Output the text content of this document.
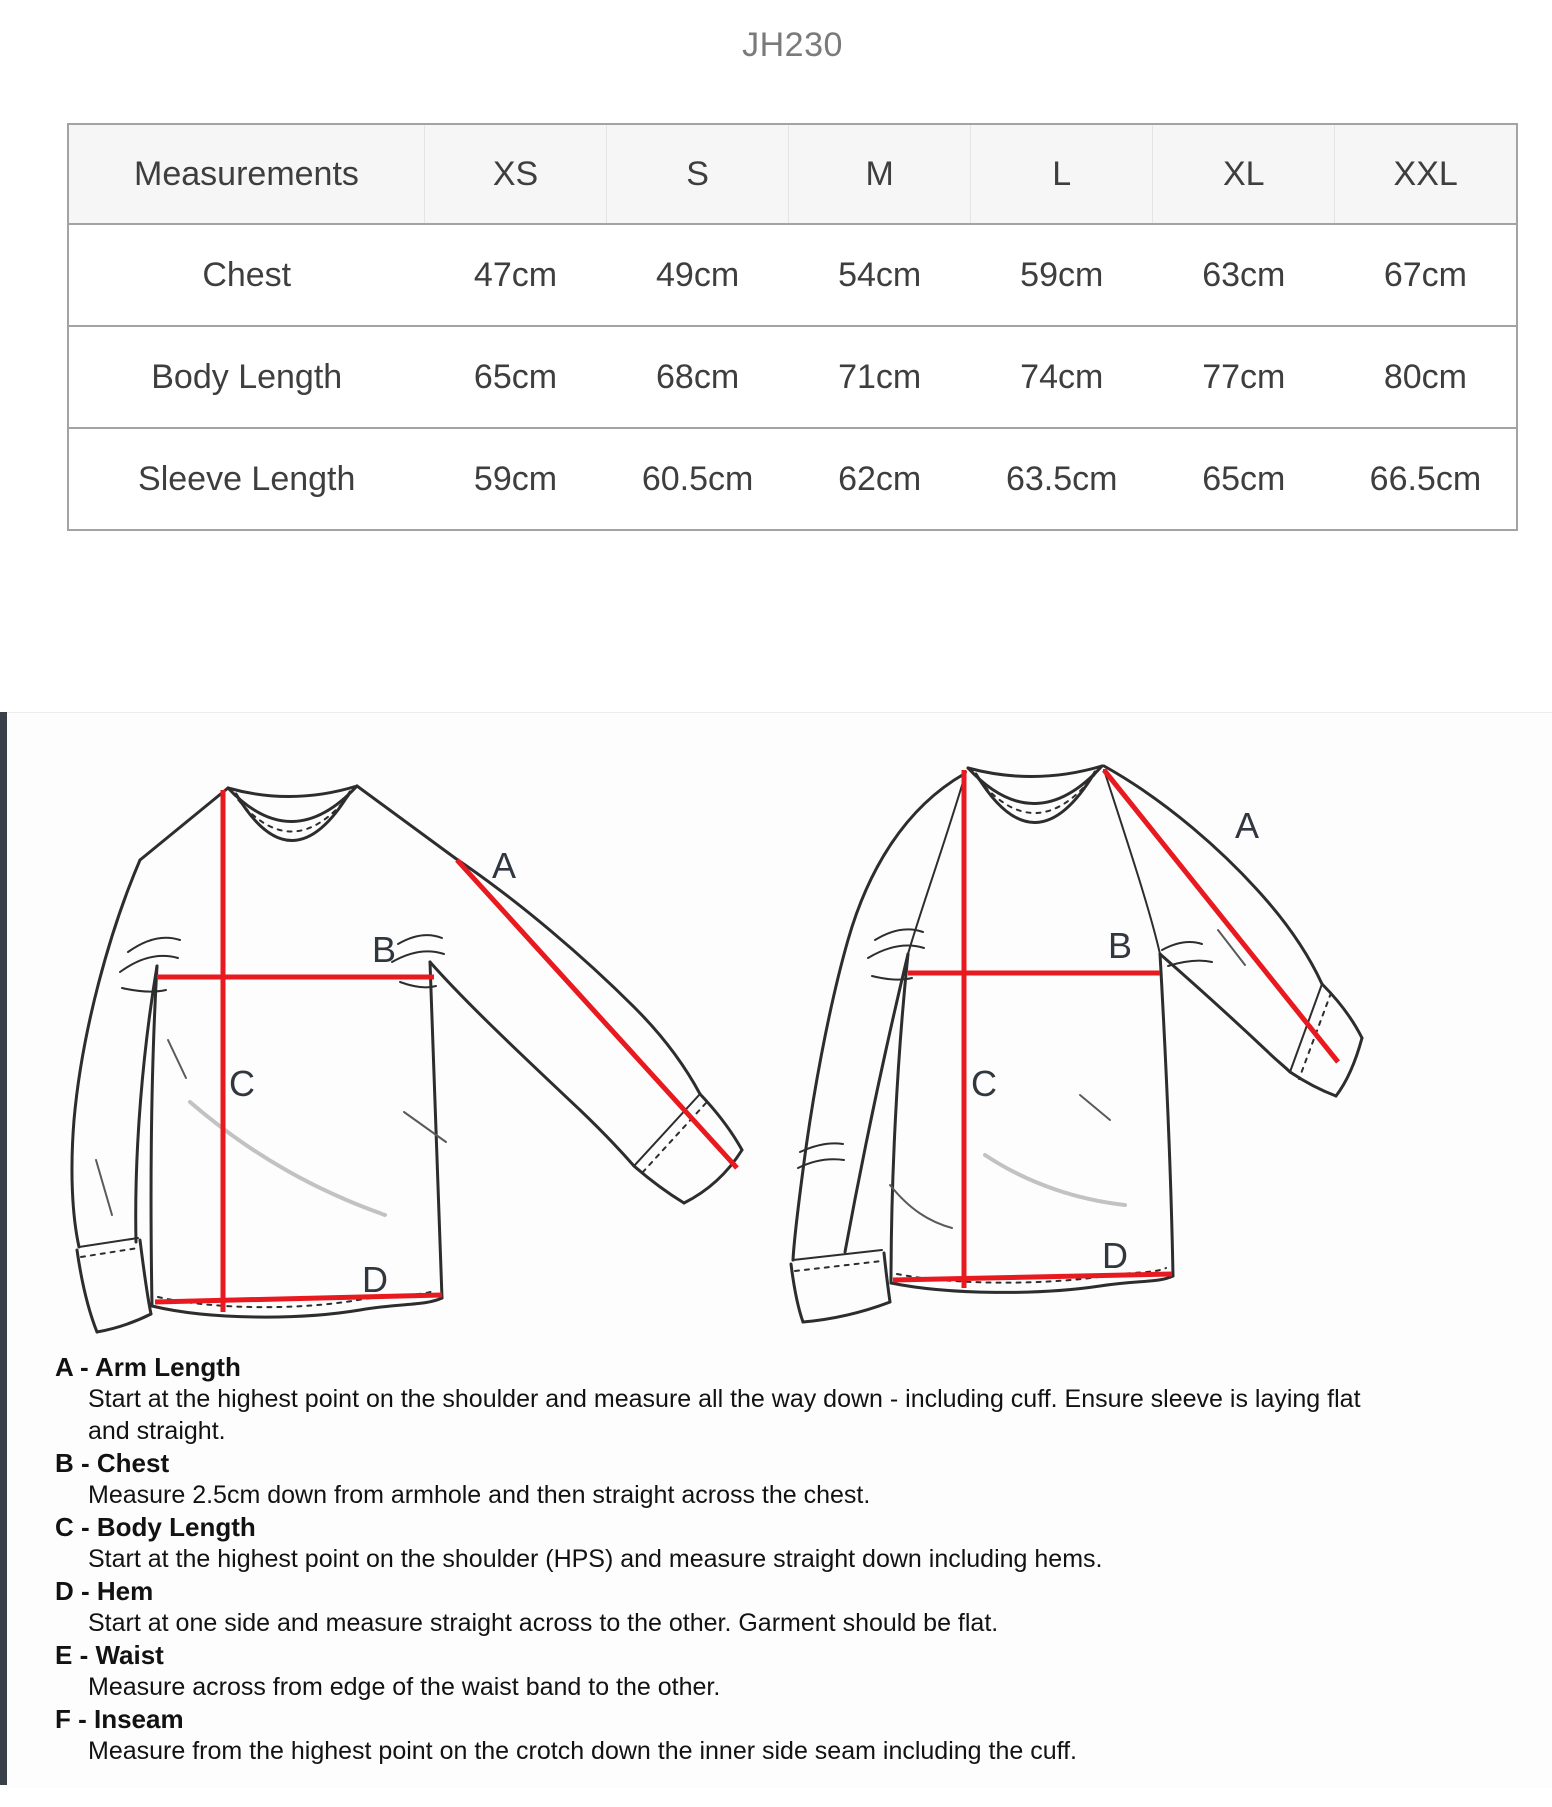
JH230
Measurements	XS	S	M	L	XL	XXL
Chest	47cm	49cm	54cm	59cm	63cm	67cm
Body Length	65cm	68cm	71cm	74cm	77cm	80cm
Sleeve Length	59cm	60.5cm	62cm	63.5cm	65cm	66.5cm
A
B
C
D
A
B
C
D
A - Arm Length
Start at the highest point on the shoulder and measure all the way down - including cuff. Ensure sleeve is laying flat and straight.
B - Chest
Measure 2.5cm down from armhole and then straight across the chest.
C - Body Length
Start at the highest point on the shoulder (HPS) and measure straight down including hems.
D - Hem
Start at one side and measure straight across to the other. Garment should be flat.
E - Waist
Measure across from edge of the waist band to the other.
F - Inseam
Measure from the highest point on the crotch down the inner side seam including the cuff.
